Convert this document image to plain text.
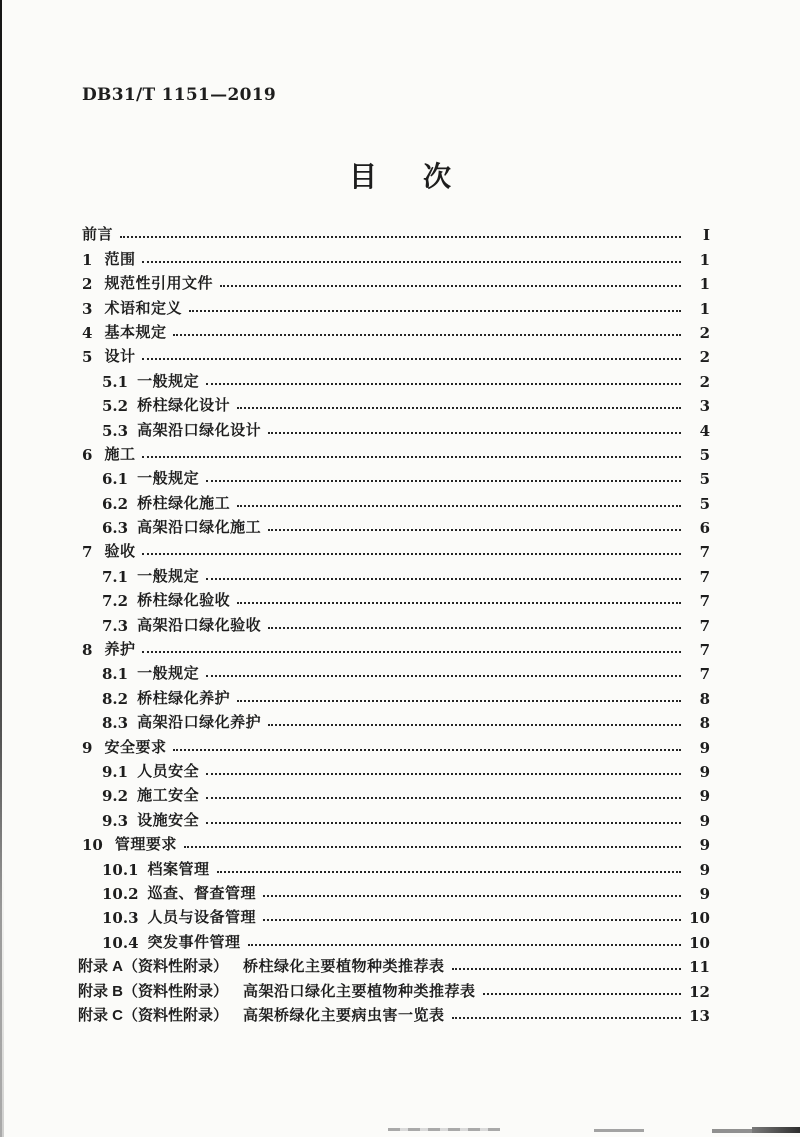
DB31/T 1151—2019
目　次
前言	I
1 范围	1
2 规范性引用文件	1
3 术语和定义	1
4 基本规定	2
5 设计	2
5.1 一般规定	2
5.2 桥柱绿化设计	3
5.3 高架沿口绿化设计	4
6 施工	5
6.1 一般规定	5
6.2 桥柱绿化施工	5
6.3 高架沿口绿化施工	6
7 验收	7
7.1 一般规定	7
7.2 桥柱绿化验收	7
7.3 高架沿口绿化验收	7
8 养护	7
8.1 一般规定	7
8.2 桥柱绿化养护	8
8.3 高架沿口绿化养护	8
9 安全要求	9
9.1 人员安全	9
9.2 施工安全	9
9.3 设施安全	9
10 管理要求	9
10.1 档案管理	9
10.2 巡查、督查管理	9
10.3 人员与设备管理	10
10.4 突发事件管理	10
附录 A（资料性附录） 桥柱绿化主要植物种类推荐表	11
附录 B（资料性附录） 高架沿口绿化主要植物种类推荐表	12
附录 C（资料性附录） 高架桥绿化主要病虫害一览表	13
